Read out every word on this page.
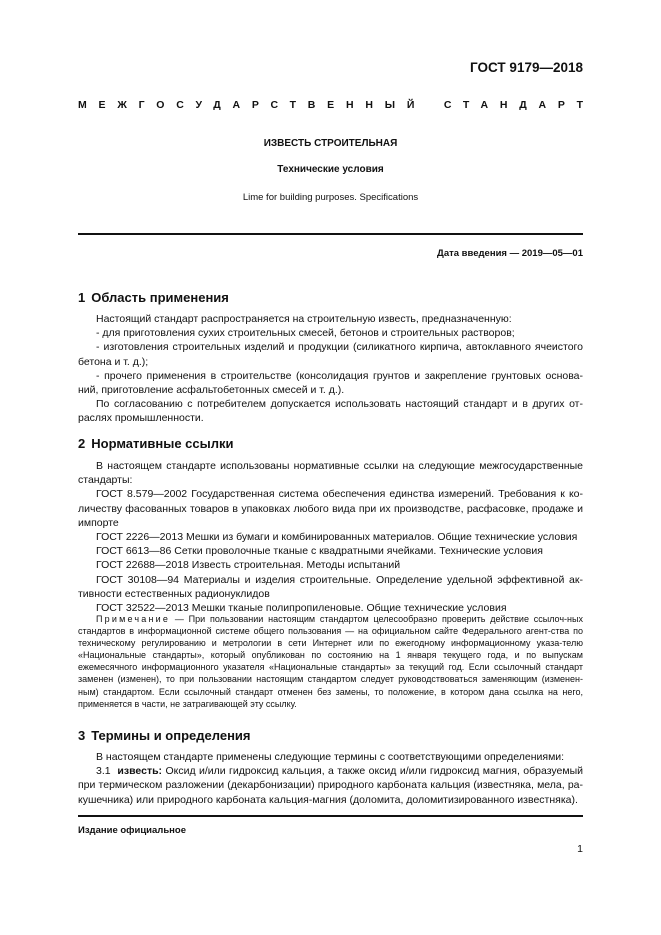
ГОСТ 9179—2018
МЕЖГОСУДАРСТВЕННЫЙ СТАНДАРТ
ИЗВЕСТЬ СТРОИТЕЛЬНАЯ
Технические условия
Lime for building purposes. Specifications
Дата введения — 2019—05—01
1 Область применения

Настоящий стандарт распространяется на строительную известь, предназначенную:

- для приготовления сухих строительных смесей, бетонов и строительных растворов;

- изготовления строительных изделий и продукции (силикатного кирпича, автоклавного ячеистого бетона и т. д.);

- прочего применения в строительстве (консолидация грунтов и закрепление грунтовых основа-ний, приготовление асфальтобетонных смесей и т. д.).

По согласованию с потребителем допускается использовать настоящий стандарт и в других от-раслях промышленности.

2 Нормативные ссылки

В настоящем стандарте использованы нормативные ссылки на следующие межгосударственные стандарты:

ГОСТ 8.579—2002 Государственная система обеспечения единства измерений. Требования к ко-личеству фасованных товаров в упаковках любого вида при их производстве, расфасовке, продаже и импорте

ГОСТ 2226—2013 Мешки из бумаги и комбинированных материалов. Общие технические условия

ГОСТ 6613—86 Сетки проволочные тканые с квадратными ячейками. Технические условия

ГОСТ 22688—2018 Известь строительная. Методы испытаний

ГОСТ 30108—94 Материалы и изделия строительные. Определение удельной эффективной ак-тивности естественных радионуклидов

ГОСТ 32522—2013 Мешки тканые полипропиленовые. Общие технические условия

Примечание — При пользовании настоящим стандартом целесообразно проверить действие ссылоч-ных стандартов в информационной системе общего пользования — на официальном сайте Федерального агент-ства по техническому регулированию и метрологии в сети Интернет или по ежегодному информационному указа-телю «Национальные стандарты», который опубликован по состоянию на 1 января текущего года, и по выпускам ежемесячного информационного указателя «Национальные стандарты» за текущий год. Если ссылочный стандарт заменен (изменен), то при пользовании настоящим стандартом следует руководствоваться заменяющим (изменен-ным) стандартом. Если ссылочный стандарт отменен без замены, то положение, в котором дана ссылка на него, применяется в части, не затрагивающей эту ссылку.
3 Термины и определения

В настоящем стандарте применены следующие термины с соответствующими определениями:

3.1 известь: Оксид и/или гидроксид кальция, а также оксид и/или гидроксид магния, образуемый при термическом разложении (декарбонизации) природного карбоната кальция (известняка, мела, ра-кушечника) или природного карбоната кальция-магния (доломита, доломитизированного известняка).

Издание официальное
1
